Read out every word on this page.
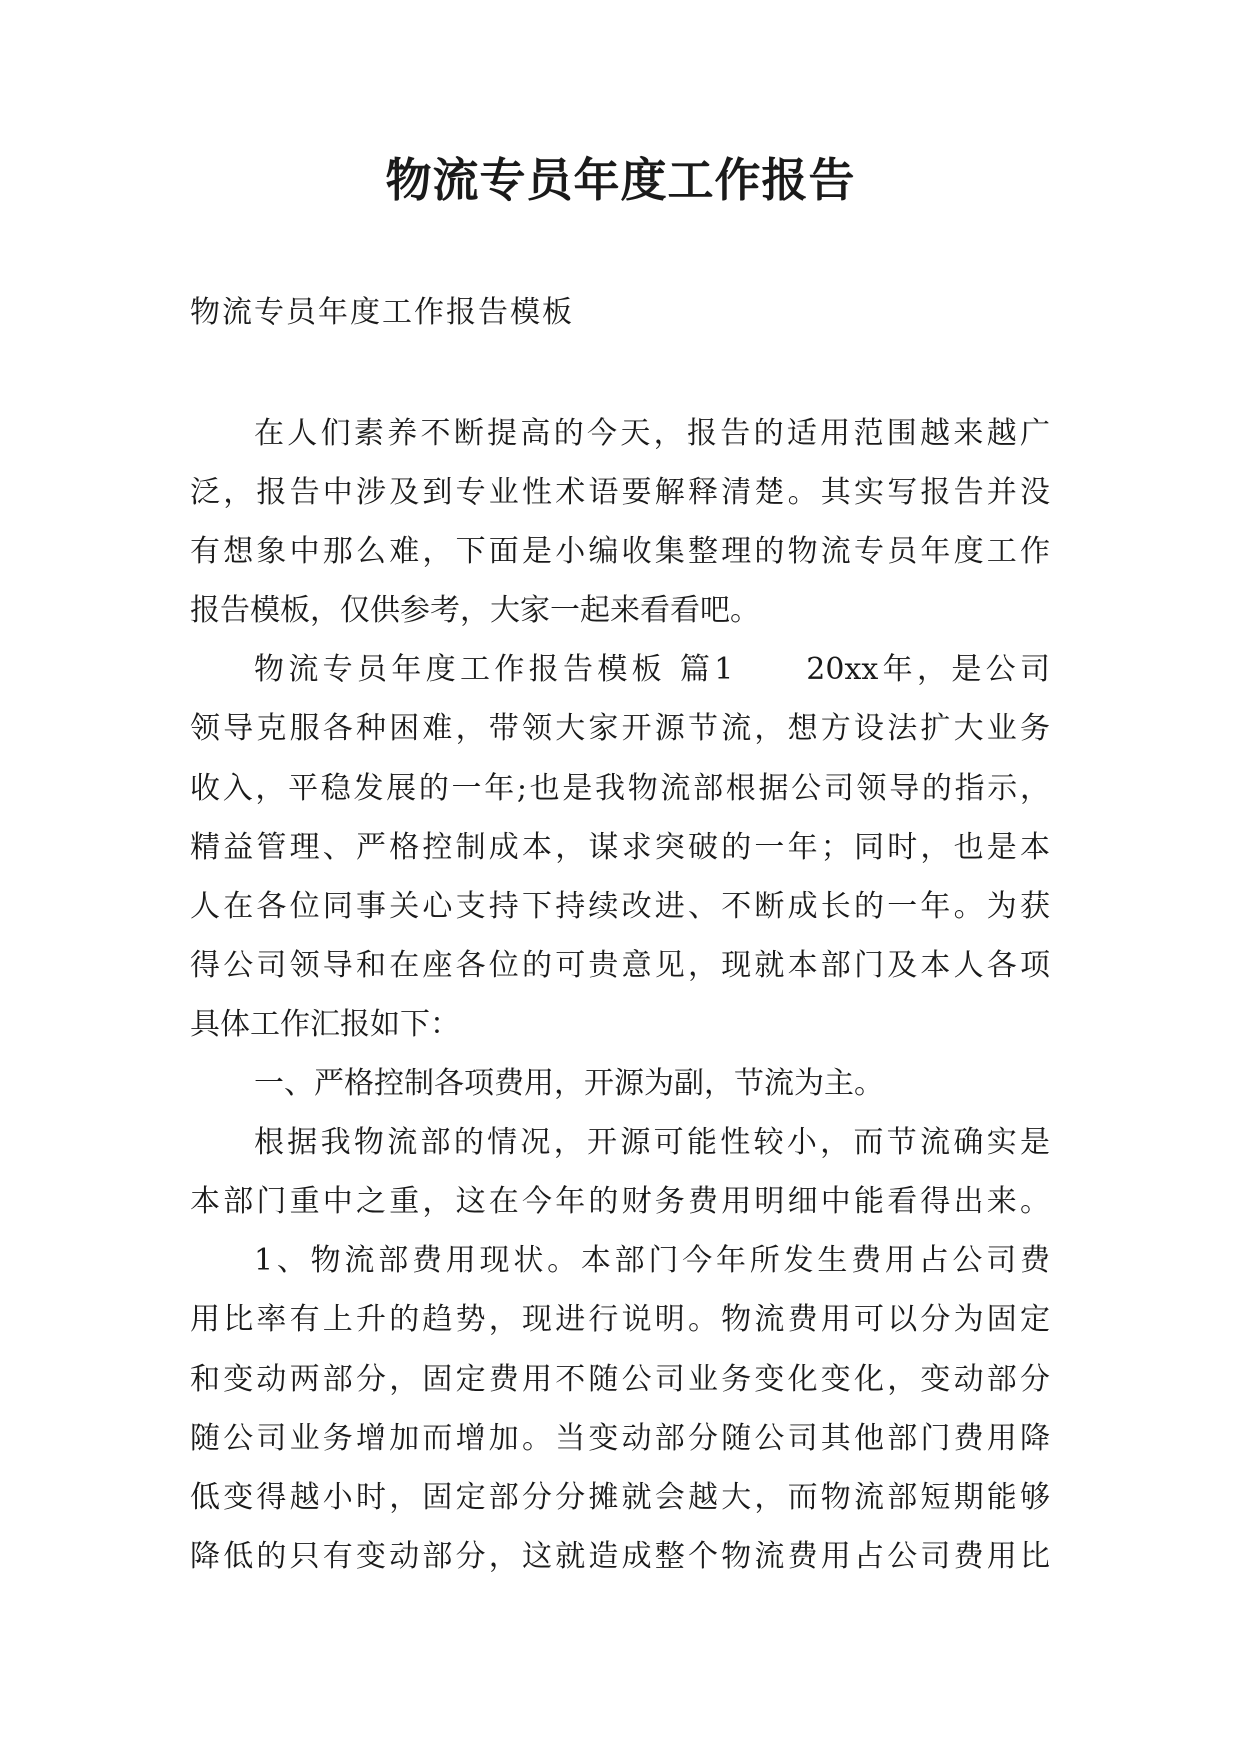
物流专员年度工作报告

物流专员年度工作报告模板

在人们素养不断提高的今天，报告的适用范围越来越广
泛，报告中涉及到专业性术语要解释清楚。其实写报告并没
有想象中那么难，下面是小编收集整理的物流专员年度工作
报告模板，仅供参考，大家一起来看看吧。
物流专员年度工作报告模板 篇1　　20xx年，是公司
领导克服各种困难，带领大家开源节流，想方设法扩大业务
收入，平稳发展的一年;也是我物流部根据公司领导的指示，
精益管理、严格控制成本，谋求突破的一年；同时，也是本
人在各位同事关心支持下持续改进、不断成长的一年。为获
得公司领导和在座各位的可贵意见，现就本部门及本人各项
具体工作汇报如下：
一、严格控制各项费用，开源为副，节流为主。
根据我物流部的情况，开源可能性较小，而节流确实是
本部门重中之重，这在今年的财务费用明细中能看得出来。
1、物流部费用现状。本部门今年所发生费用占公司费
用比率有上升的趋势，现进行说明。物流费用可以分为固定
和变动两部分，固定费用不随公司业务变化变化，变动部分
随公司业务增加而增加。当变动部分随公司其他部门费用降
低变得越小时，固定部分分摊就会越大，而物流部短期能够
降低的只有变动部分，这就造成整个物流费用占公司费用比
